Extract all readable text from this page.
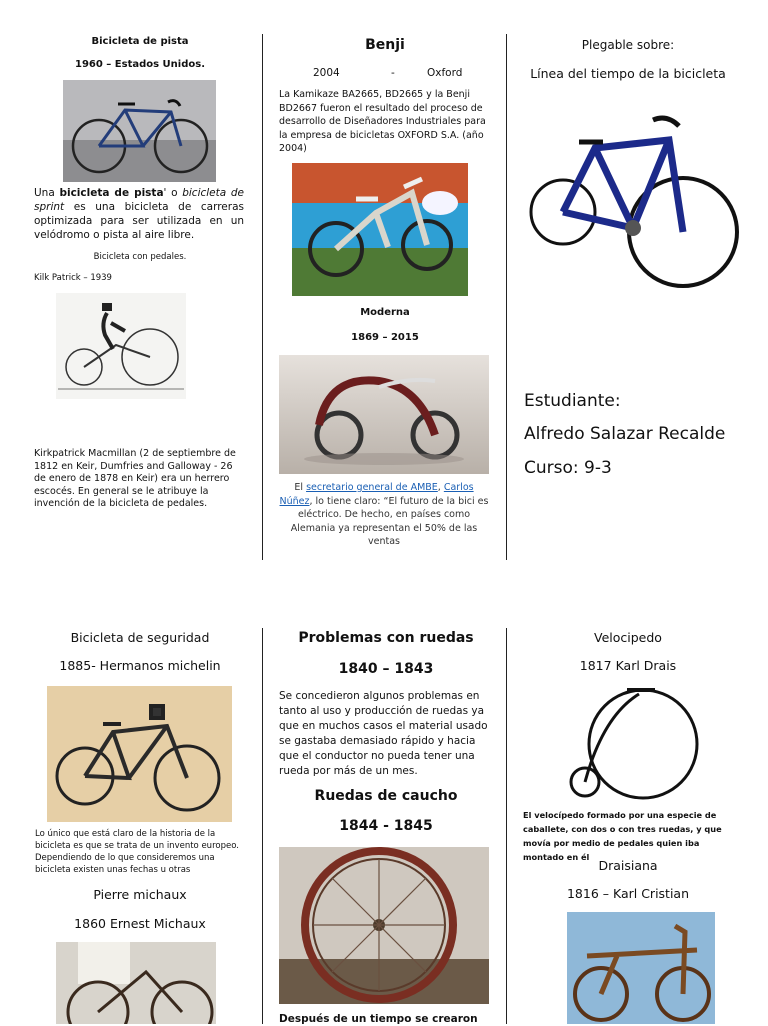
Bicicleta de pista
1960 – Estados Unidos.
Una bicicleta de pista' o bicicleta de sprint es una bicicleta de carreras optimizada para ser utilizada en un velódromo o pista al aire libre.
Bicicleta con pedales.
Kilk Patrick – 1939
Kirkpatrick Macmillan (2 de septiembre de 1812 en Keir, Dumfries and Galloway - 26 de enero de 1878 en Keir) era un herrero escocés. En general se le atribuye la invención de la bicicleta de pedales.
Benji
2004	-	Oxford
La Kamikaze BA2665, BD2665 y la Benji BD2667 fueron el resultado del proceso de desarrollo de Diseñadores Industriales para la empresa de bicicletas OXFORD S.A. (año 2004)
Moderna
1869 – 2015
El secretario general de AMBE, Carlos Núñez, lo tiene claro: “El futuro de la bici es eléctrico. De hecho, en países como Alemania ya representan el 50% de las ventas
Plegable sobre:
Línea del tiempo de la bicicleta
Estudiante:
Alfredo Salazar Recalde
Curso: 9-3
Bicicleta de seguridad
1885- Hermanos michelin
Lo único que está claro de la historia de la bicicleta es que se trata de un invento europeo. Dependiendo de lo que consideremos una bicicleta existen unas fechas u otras
Pierre michaux
1860 Ernest Michaux
Problemas con ruedas
1840 – 1843
Se concedieron algunos problemas en tanto al uso y producción de ruedas ya que en muchos casos el material usado se gastaba demasiado rápido y hacia que el conductor no pueda tener una rueda por más de un mes.
Ruedas de caucho
1844 - 1845
Después de un tiempo se crearon
Velocipedo
1817 Karl Drais
El velocípedo formado por una especie de caballete, con dos o con tres ruedas, y que movía por medio de pedales quien iba montado en él
Draisiana
1816 – Karl Cristian
